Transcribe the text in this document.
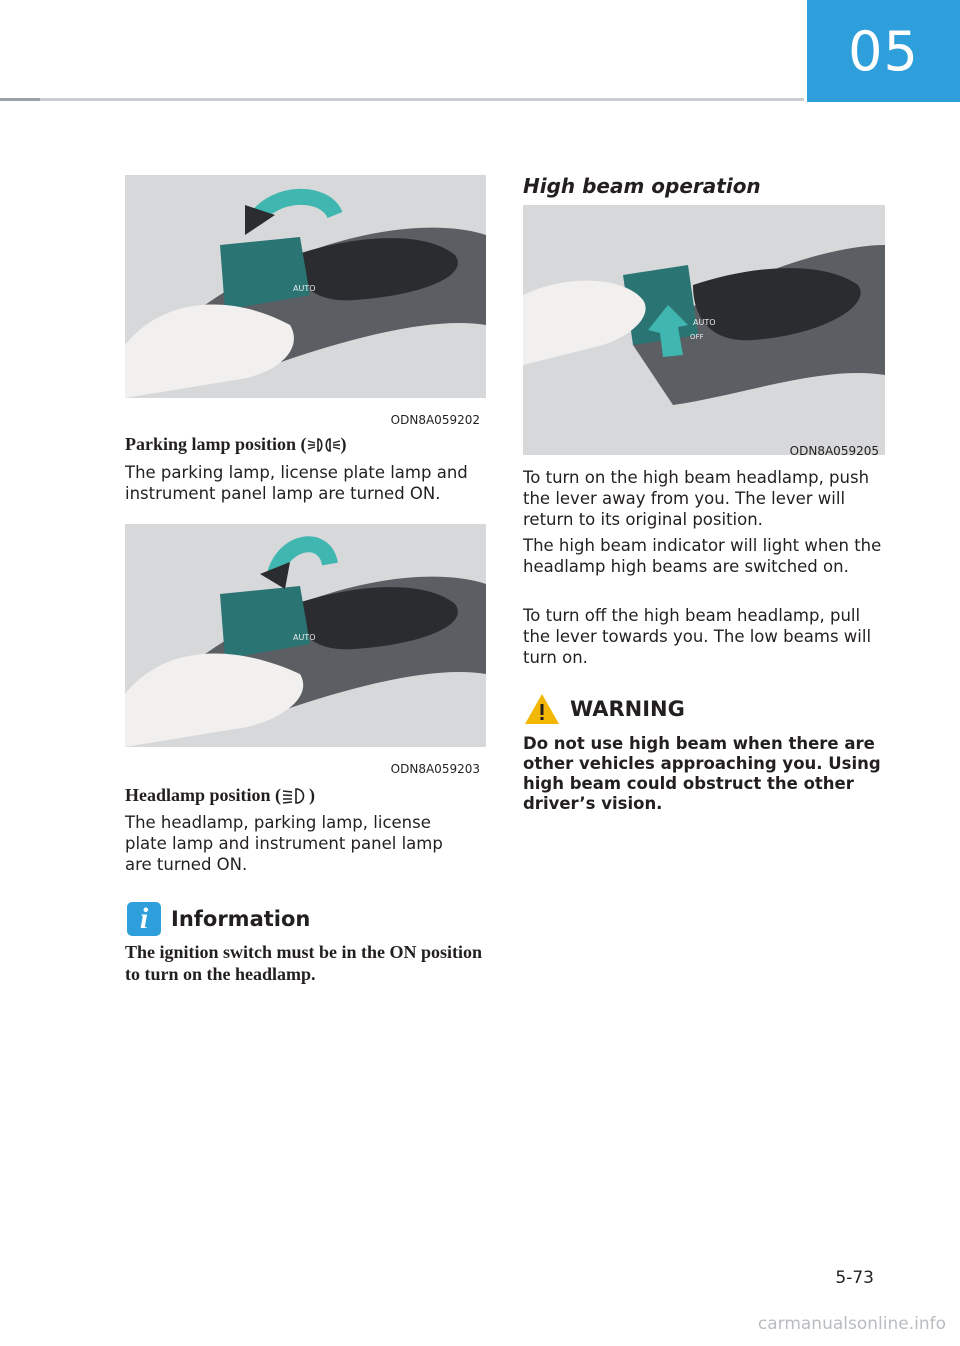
05
AUTO
ODN8A059202
Parking lamp position ( )

The parking lamp, license plate lamp and instrument panel lamp are turned ON.

AUTO
ODN8A059203
Headlamp position ( )

The headlamp, parking lamp, license plate lamp and instrument panel lamp are turned ON.

i	Information

The ignition switch must be in the ON position to turn on the headlamp.

High beam operation
AUTO
OFF
ODN8A059205

To turn on the high beam headlamp, push the lever away from you. The lever will return to its original position.

The high beam indicator will light when the headlamp high beams are switched on.

To turn off the high beam headlamp, pull the lever towards you. The low beams will turn on.

WARNING

Do not use high beam when there are other vehicles approaching you. Using high beam could obstruct the other driver’s vision.

5-73
carmanualsonline.info
